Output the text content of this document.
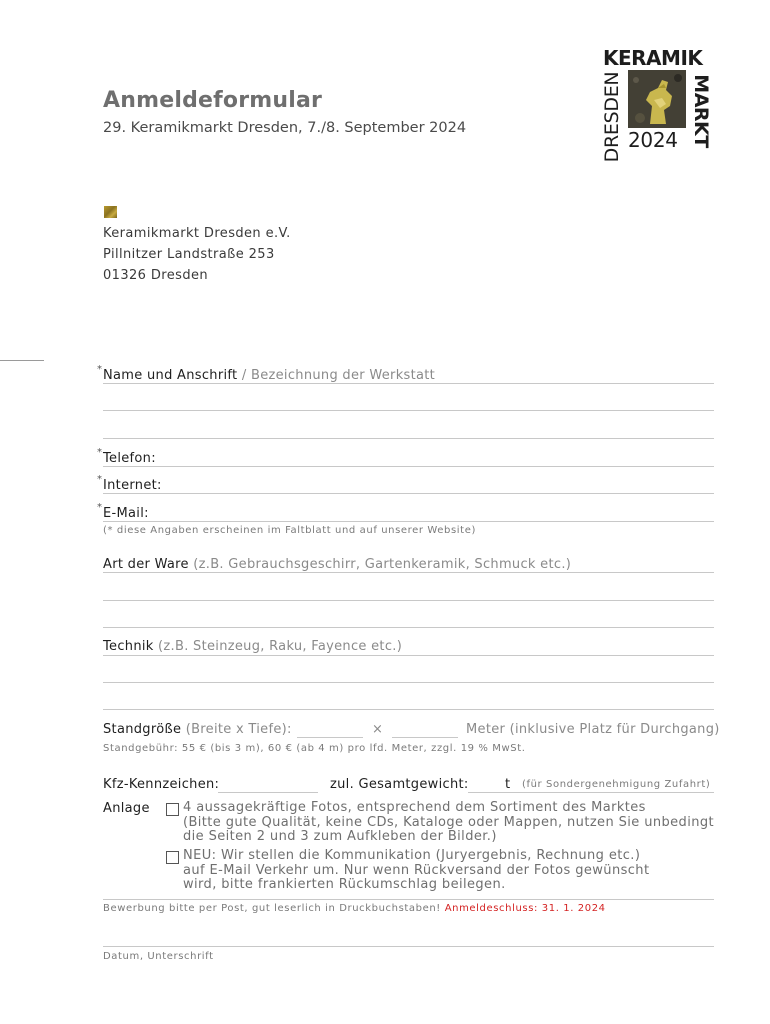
Anmeldeformular
29. Keramikmarkt Dresden, 7./8. September 2024
KERAMIK
DRESDEN	MARKT
2024
Keramikmarkt Dresden e.V.
Pillnitzer Landstraße 253
01326 Dresden
* Name und Anschrift / Bezeichnung der Werkstatt
* Telefon:
* Internet:
* E-Mail:
(* diese Angaben erscheinen im Faltblatt und auf unserer Website)
Art der Ware (z.B. Gebrauchsgeschirr, Gartenkeramik, Schmuck etc.)
Technik (z.B. Steinzeug, Raku, Fayence etc.)
Standgröße (Breite x Tiefe):	×	Meter (inklusive Platz für Durchgang)
Standgebühr: 55 € (bis 3 m), 60 € (ab 4 m) pro lfd. Meter, zzgl. 19 % MwSt.
Kfz-Kennzeichen:	zul. Gesamtgewicht:	t (für Sondergenehmigung Zufahrt)
Anlage	4 aussagekräftige Fotos, entsprechend dem Sortiment des Marktes
(Bitte gute Qualität, keine CDs, Kataloge oder Mappen, nutzen Sie unbedingt
die Seiten 2 und 3 zum Aufkleben der Bilder.)
NEU: Wir stellen die Kommunikation (Juryergebnis, Rechnung etc.)
auf E-Mail Verkehr um. Nur wenn Rückversand der Fotos gewünscht
wird, bitte frankierten Rückumschlag beilegen.
Bewerbung bitte per Post, gut leserlich in Druckbuchstaben! Anmeldeschluss: 31. 1. 2024
Datum, Unterschrift
